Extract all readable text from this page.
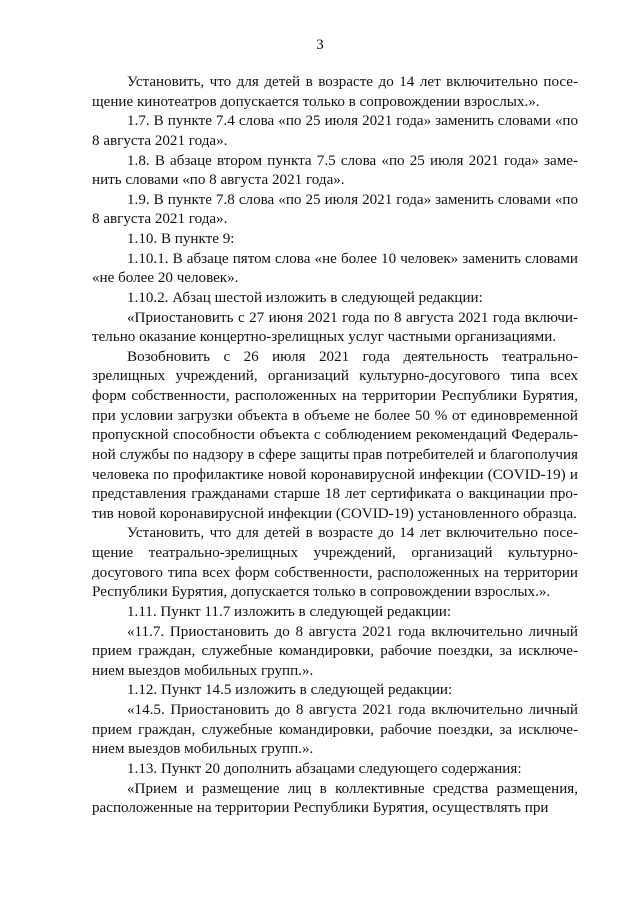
3

Установить, что для детей в возрасте до 14 лет включительно посещение кинотеатров допускается только в сопровождении взрослых.».

1.7. В пункте 7.4 слова «по 25 июля 2021 года» заменить словами «по 8 августа 2021 года».

1.8. В абзаце втором пункта 7.5 слова «по 25 июля 2021 года» заменить словами «по 8 августа 2021 года».

1.9. В пункте 7.8 слова «по 25 июля 2021 года» заменить словами «по 8 августа 2021 года».

1.10. В пункте 9:

1.10.1. В абзаце пятом слова «не более 10 человек» заменить словами «не более 20 человек».

1.10.2. Абзац шестой изложить в следующей редакции:

«Приостановить с 27 июня 2021 года по 8 августа 2021 года включительно оказание концертно-зрелищных услуг частными организациями.

Возобновить с 26 июля 2021 года деятельность театрально-зрелищных учреждений, организаций культурно-досугового типа всех форм собственности, расположенных на территории Республики Бурятия, при условии загрузки объекта в объеме не более 50 % от единовременной пропускной способности объекта с соблюдением рекомендаций Федеральной службы по надзору в сфере защиты прав потребителей и благополучия человека по профилактике новой коронавирусной инфекции (COVID-19) и представления гражданами старше 18 лет сертификата о вакцинации против новой коронавирусной инфекции (COVID-19) установленного образца.

Установить, что для детей в возрасте до 14 лет включительно посещение театрально-зрелищных учреждений, организаций культурно-досугового типа всех форм собственности, расположенных на территории Республики Бурятия, допускается только в сопровождении взрослых.».

1.11. Пункт 11.7 изложить в следующей редакции:

«11.7. Приостановить до 8 августа 2021 года включительно личный прием граждан, служебные командировки, рабочие поездки, за исключением выездов мобильных групп.».

1.12. Пункт 14.5 изложить в следующей редакции:

«14.5. Приостановить до 8 августа 2021 года включительно личный прием граждан, служебные командировки, рабочие поездки, за исключением выездов мобильных групп.».

1.13. Пункт 20 дополнить абзацами следующего содержания:

«Прием и размещение лиц в коллективные средства размещения, расположенные на территории Республики Бурятия, осуществлять при
